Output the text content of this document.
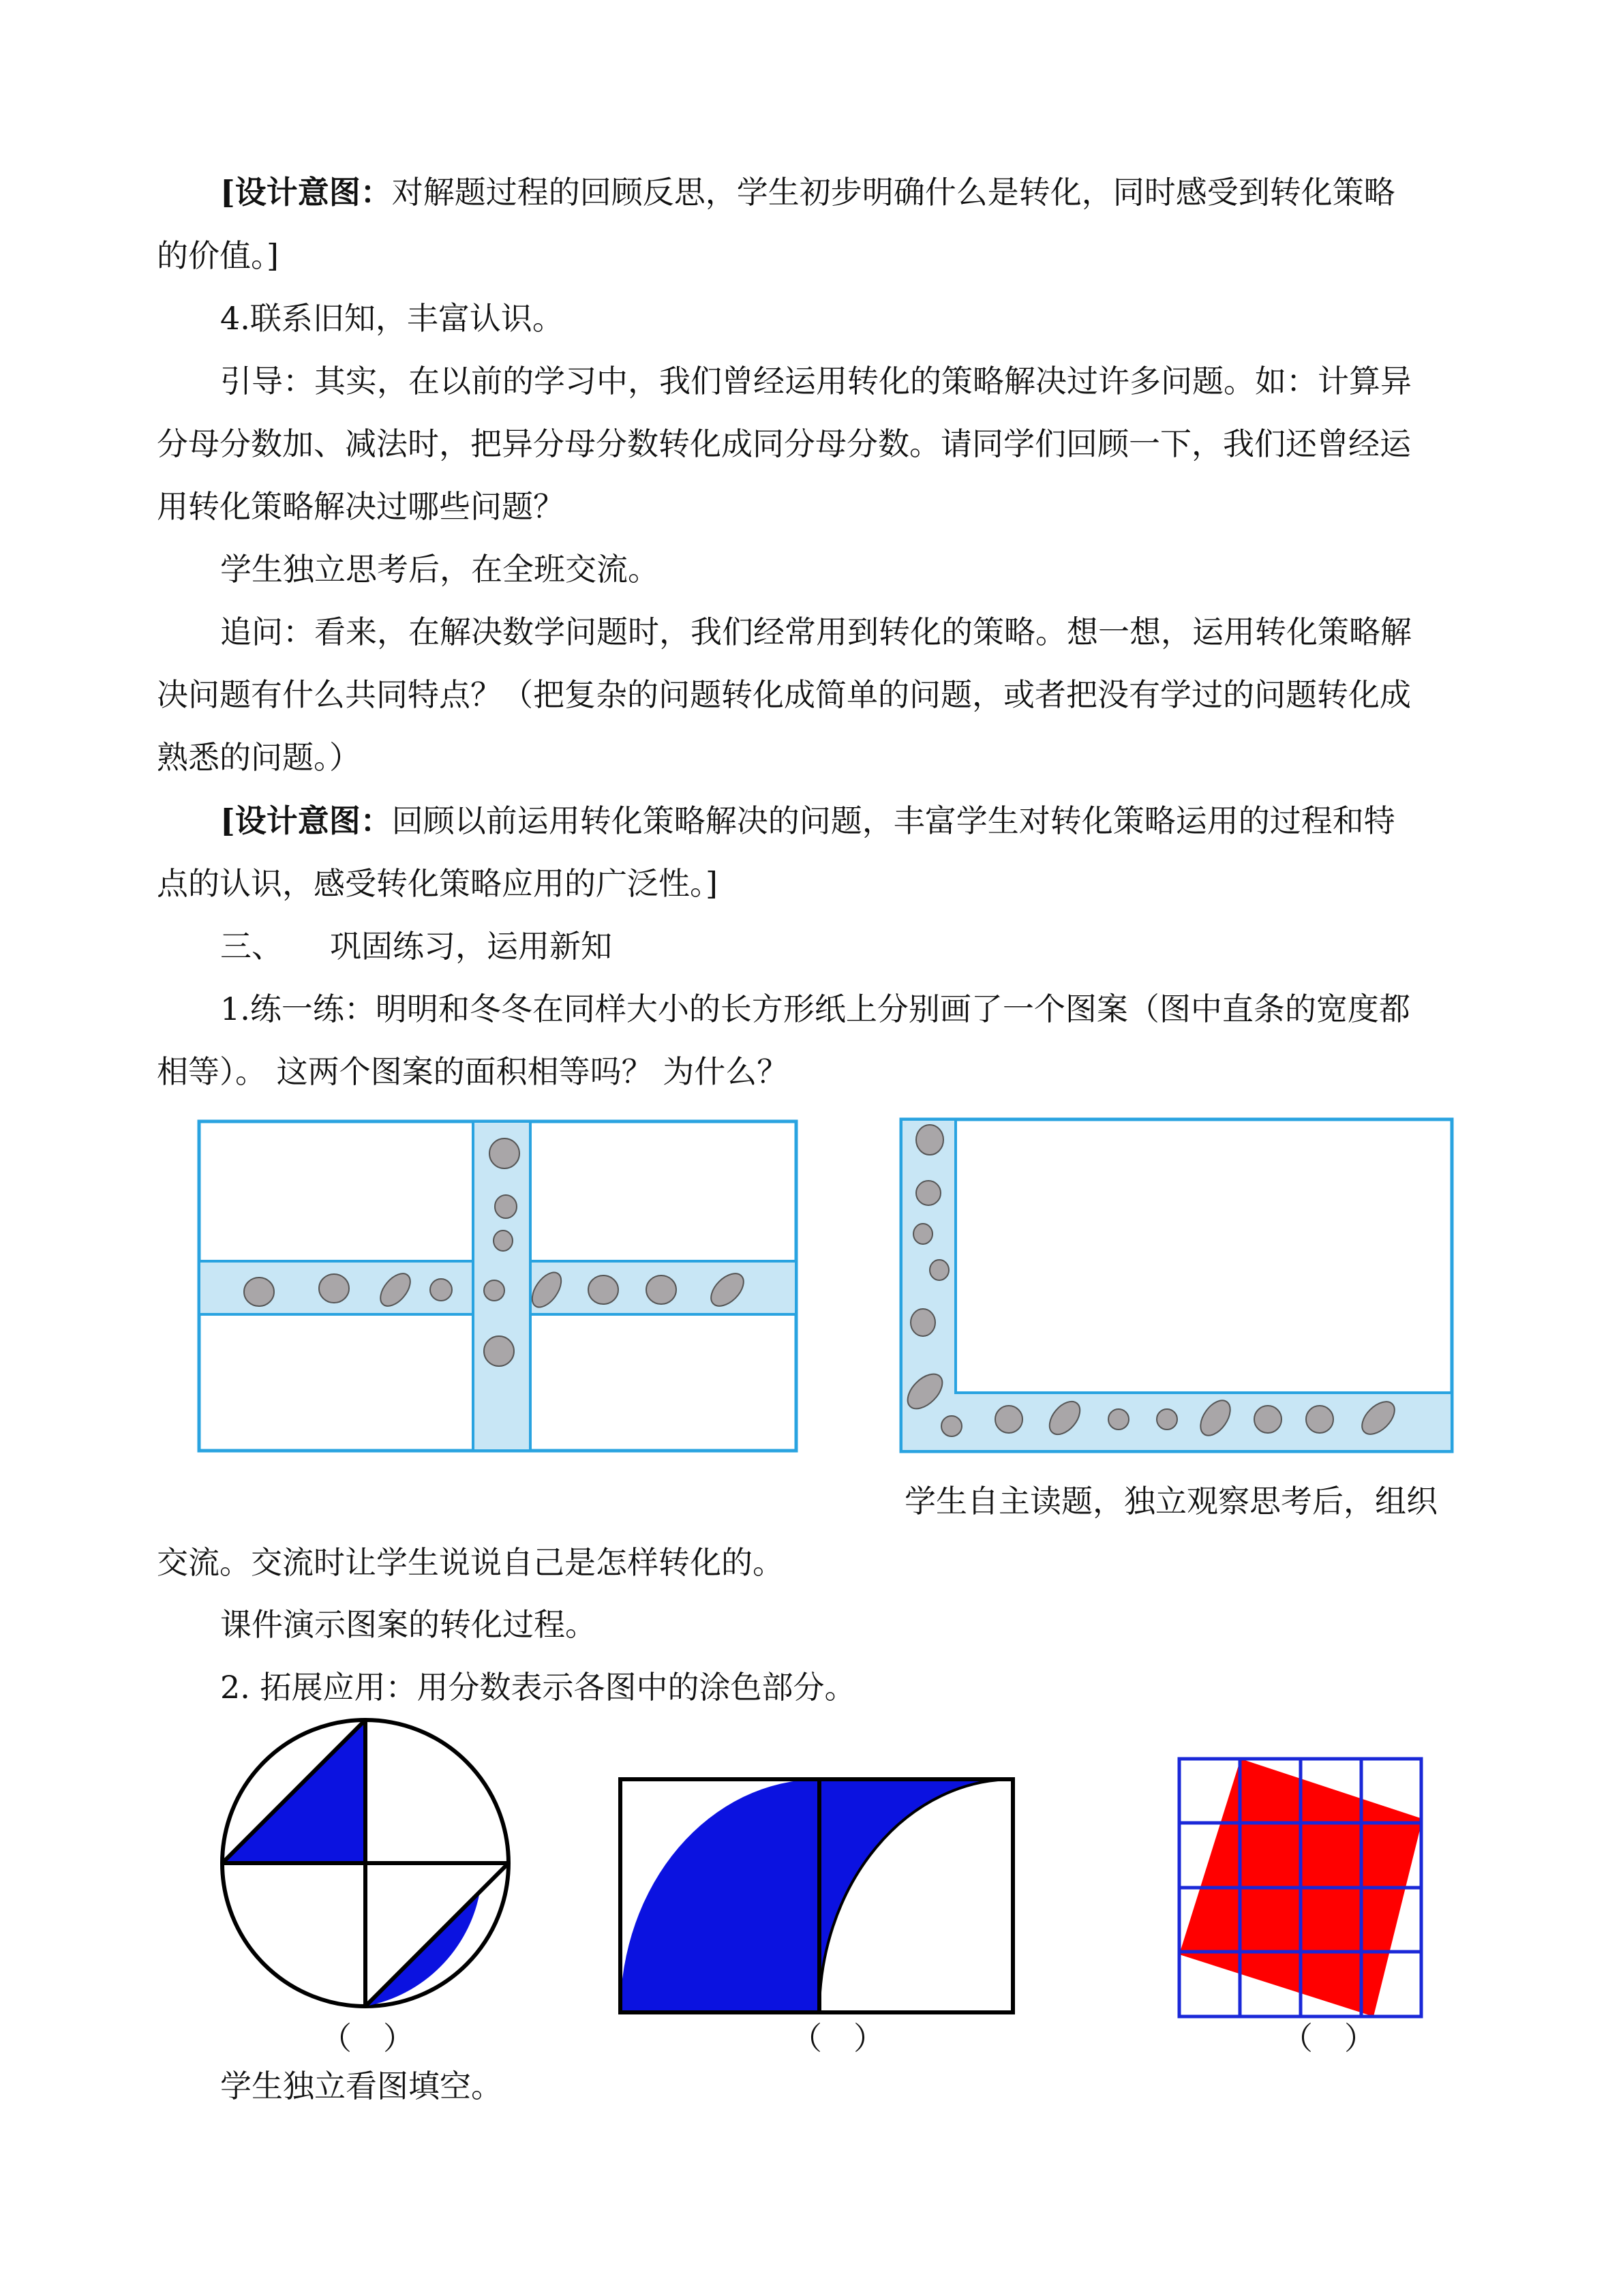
[设计意图：对解题过程的回顾反思，学生初步明确什么是转化，同时感受到转化策略
的价值。]
4.联系旧知，丰富认识。
引导：其实，在以前的学习中，我们曾经运用转化的策略解决过许多问题。如：计算异
分母分数加、减法时，把异分母分数转化成同分母分数。请同学们回顾一下，我们还曾经运
用转化策略解决过哪些问题？
学生独立思考后，在全班交流。
追问：看来，在解决数学问题时，我们经常用到转化的策略。想一想，运用转化策略解
决问题有什么共同特点？（把复杂的问题转化成简单的问题，或者把没有学过的问题转化成
熟悉的问题。）
[设计意图：回顾以前运用转化策略解决的问题，丰富学生对转化策略运用的过程和特
点的认识，感受转化策略应用的广泛性。]
三、　　巩固练习，运用新知
1.练一练：明明和冬冬在同样大小的长方形纸上分别画了一个图案（图中直条的宽度都
相等）。 这两个图案的面积相等吗？ 为什么？
学生自主读题，独立观察思考后，组织
交流。交流时让学生说说自己是怎样转化的。
课件演示图案的转化过程。
2. 拓展应用：用分数表示各图中的涂色部分。
（　）	（　）	（　）
学生独立看图填空。
